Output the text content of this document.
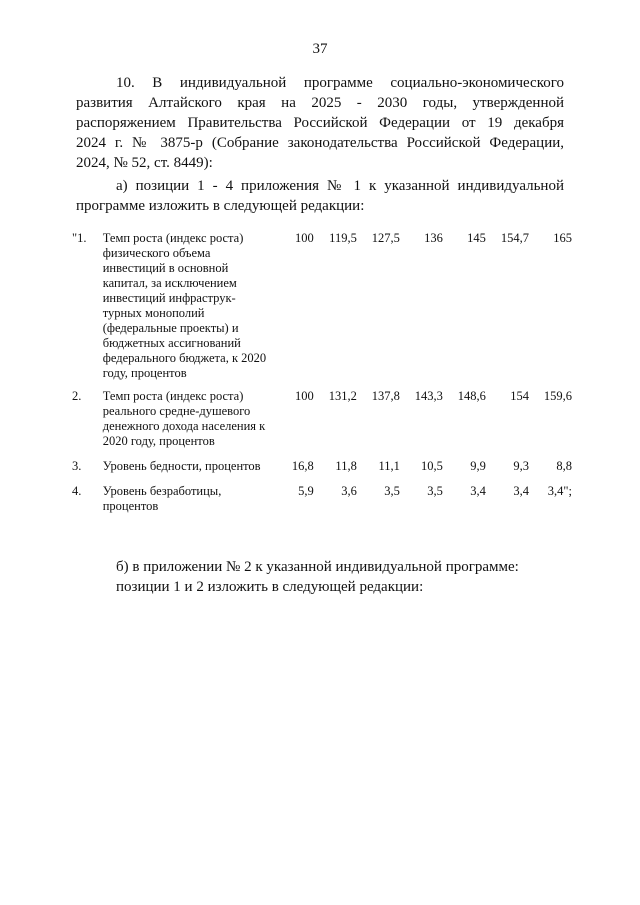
37
10. В индивидуальной программе социально-экономического
развития Алтайского края на 2025 - 2030 годы, утвержденной
распоряжением Правительства Российской Федерации от 19 декабря
2024 г. № 3875-р (Собрание законодательства Российской Федерации,
2024, № 52, ст. 8449):
а) позиции 1 - 4 приложения № 1 к указанной индивидуальной
программе изложить в следующей редакции:
"1.	Темп роста (индекс роста) физического объема инвестиций в основной капитал, за исключением инвестиций инфраструк-турных монополий (федеральные проекты) и бюджетных ассигнований федерального бюджета, к 2020 году, процентов	100	119,5	127,5	136	145	154,7	165
2.	Темп роста (индекс роста) реального средне-душевого денежного дохода населения к 2020 году, процентов	100	131,2	137,8	143,3	148,6	154	159,6
3.	Уровень бедности, процентов	16,8	11,8	11,1	10,5	9,9	9,3	8,8
4.	Уровень безработицы, процентов	5,9	3,6	3,5	3,5	3,4	3,4	3,4";
б) в приложении № 2 к указанной индивидуальной программе:
позиции 1 и 2 изложить в следующей редакции:
